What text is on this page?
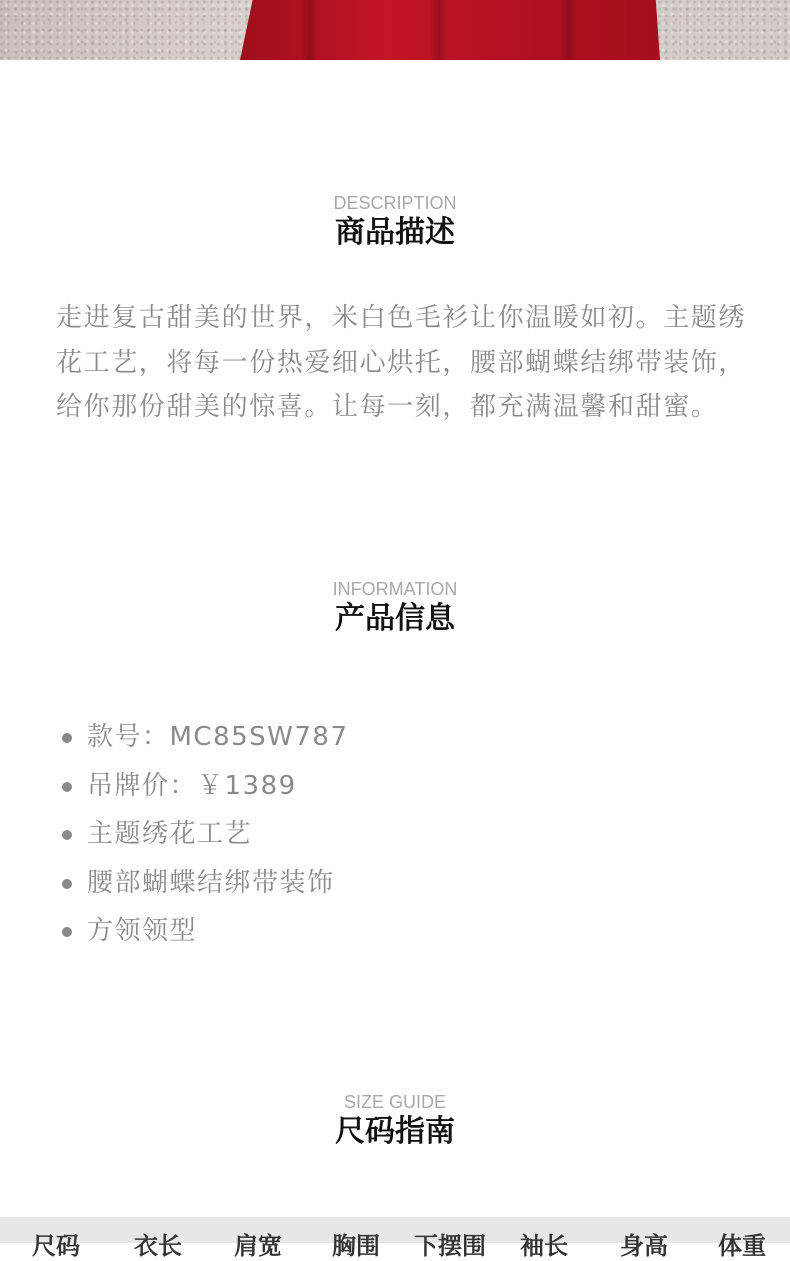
DESCRIPTION
商品描述

走进复古甜美的世界，米白色毛衫让你温暖如初。主题绣花工艺，将每一份热爱细心烘托，腰部蝴蝶结绑带装饰，给你那份甜美的惊喜。让每一刻，都充满温馨和甜蜜。

INFORMATION
产品信息
款号：MC85SW787
吊牌价：￥1389
主题绣花工艺
腰部蝴蝶结绑带装饰
方领领型
SIZE GUIDE
尺码指南
尺码 衣长 肩宽 胸围 下摆围 袖长 身高 体重
